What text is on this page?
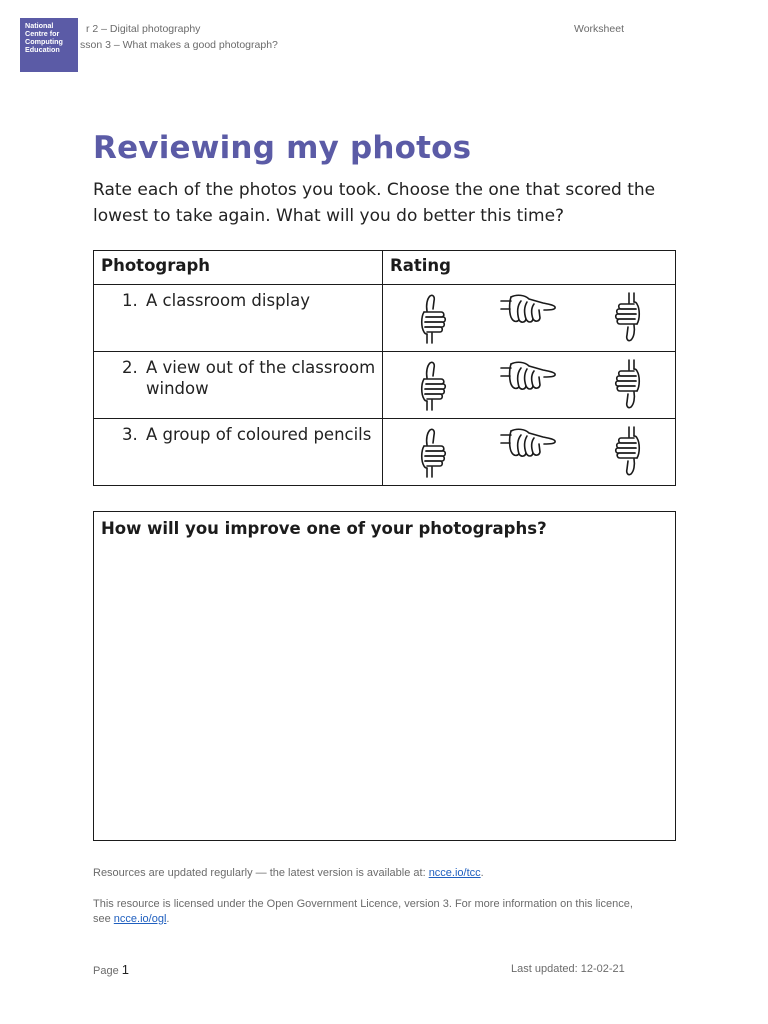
National
Centre for
Computing
Education
r 2 – Digital photography
sson 3 – What makes a good photograph?
Worksheet
Reviewing my photos

Rate each of the photos you took. Choose the one that scored the lowest to take again. What will you do better this time?

Photograph	Rating

1. A classroom display

2. A view out of the classroom window

3. A group of coloured pencils

How will you improve one of your photographs?
Resources are updated regularly — the latest version is available at: ncce.io/tcc.
This resource is licensed under the Open Government Licence, version 3. For more information on this licence, see ncce.io/ogl.
Page 1	Last updated: 12-02-21
